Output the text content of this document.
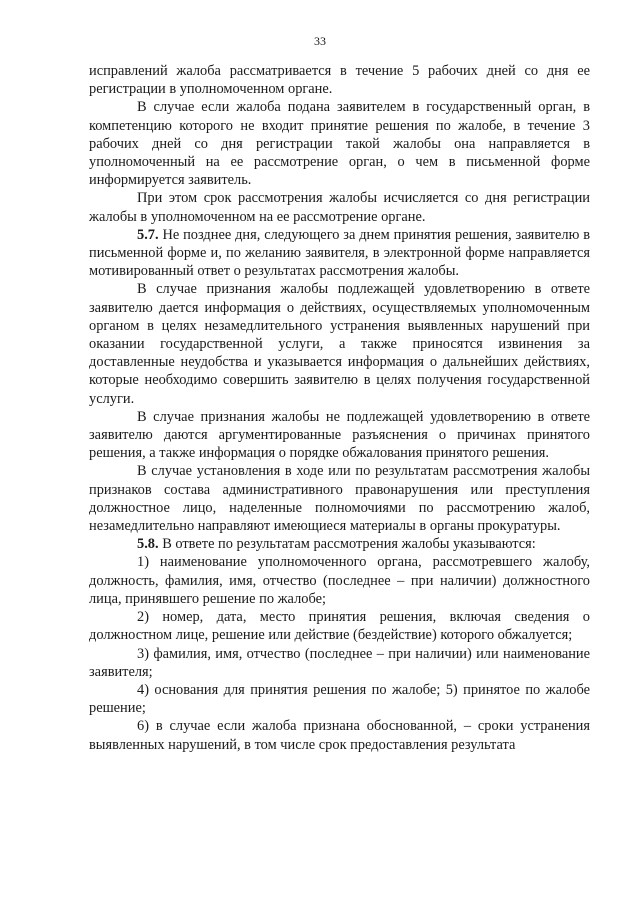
33

исправлений жалоба рассматривается в течение 5 рабочих дней со дня ее регистрации в уполномоченном органе.

В случае если жалоба подана заявителем в государственный орган, в компетенцию которого не входит принятие решения по жалобе, в течение 3 рабочих дней со дня регистрации такой жалобы она направляется в уполномоченный на ее рассмотрение орган, о чем в письменной форме информируется заявитель.

При этом срок рассмотрения жалобы исчисляется со дня регистрации жалобы в уполномоченном на ее рассмотрение органе.

5.7. Не позднее дня, следующего за днем принятия решения, заявителю в письменной форме и, по желанию заявителя, в электронной форме направляется мотивированный ответ о результатах рассмотрения жалобы.

В случае признания жалобы подлежащей удовлетворению в ответе заявителю дается информация о действиях, осуществляемых уполномоченным органом в целях незамедлительного устранения выявленных нарушений при оказании государственной услуги, а также приносятся извинения за доставленные неудобства и указывается информация о дальнейших действиях, которые необходимо совершить заявителю в целях получения государственной услуги.

В случае признания жалобы не подлежащей удовлетворению в ответе заявителю даются аргументированные разъяснения о причинах принятого решения, а также информация о порядке обжалования принятого решения.

В случае установления в ходе или по результатам рассмотрения жалобы признаков состава административного правонарушения или преступления должностное лицо, наделенные полномочиями по рассмотрению жалоб, незамедлительно направляют имеющиеся материалы в органы прокуратуры.

5.8. В ответе по результатам рассмотрения жалобы указываются:

1) наименование уполномоченного органа, рассмотревшего жалобу, должность, фамилия, имя, отчество (последнее – при наличии) должностного лица, принявшего решение по жалобе;

2) номер, дата, место принятия решения, включая сведения о должностном лице, решение или действие (бездействие) которого обжалуется;

3) фамилия, имя, отчество (последнее – при наличии) или наименование заявителя;

4) основания для принятия решения по жалобе; 5) принятое по жалобе решение;

6) в случае если жалоба признана обоснованной, – сроки устранения выявленных нарушений, в том числе срок предоставления результата
